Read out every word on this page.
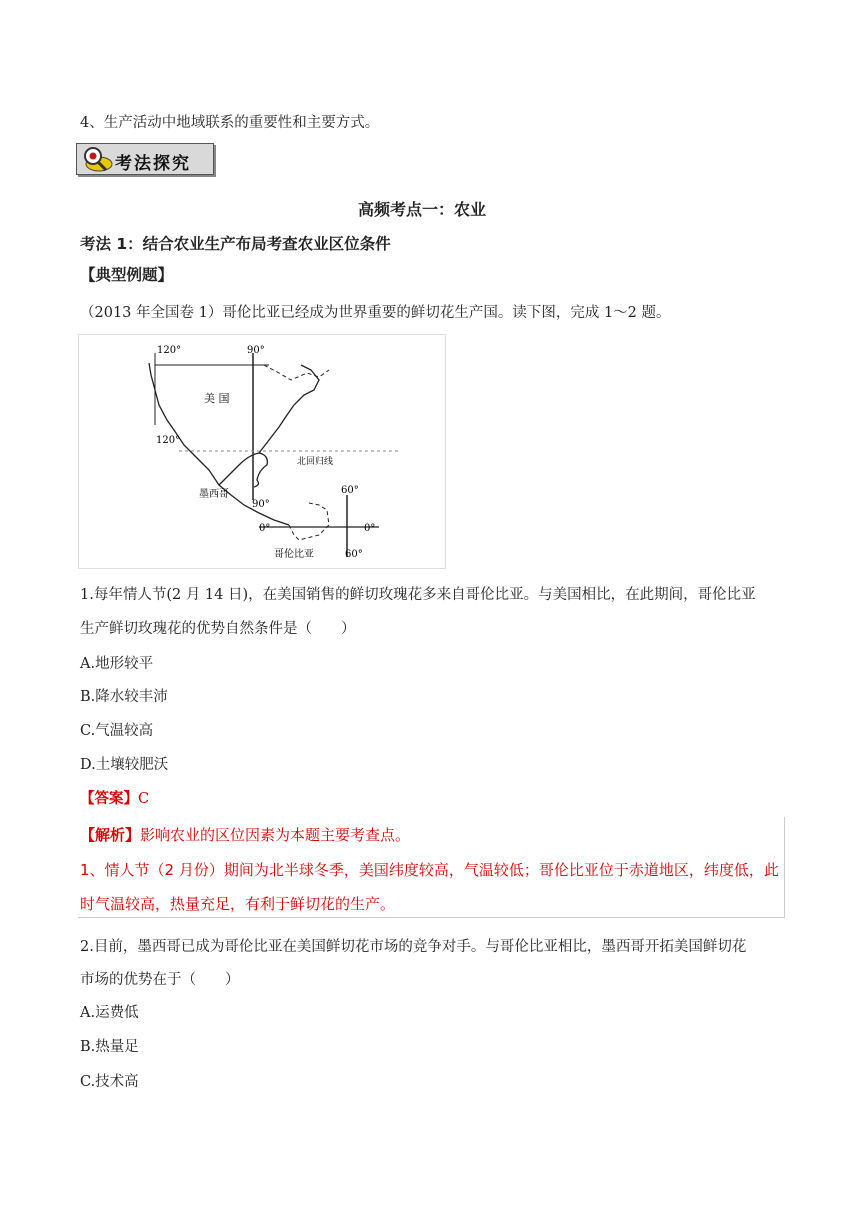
4、生产活动中地域联系的重要性和主要方式。
考法探究
高频考点一：农业
考法 1：结合农业生产布局考查农业区位条件
【典型例题】
（2013 年全国卷 1）哥伦比亚已经成为世界重要的鲜切花生产国。读下图，完成 1～2 题。
120°	90°
美 国
120°
北回归线
墨西哥
90°
60°
0°	0°
哥伦比亚	60°
1.每年情人节(2 月 14 日)，在美国销售的鲜切玫瑰花多来自哥伦比亚。与美国相比，在此期间，哥伦比亚
生产鲜切玫瑰花的优势自然条件是（　　）
A.地形较平
B.降水较丰沛
C.气温较高
D.土壤较肥沃
【答案】C
【解析】影响农业的区位因素为本题主要考查点。
1、情人节（2 月份）期间为北半球冬季，美国纬度较高，气温较低；哥伦比亚位于赤道地区，纬度低，此
时气温较高，热量充足，有利于鲜切花的生产。
2.目前，墨西哥已成为哥伦比亚在美国鲜切花市场的竞争对手。与哥伦比亚相比，墨西哥开拓美国鲜切花
市场的优势在于（　　）
A.运费低
B.热量足
C.技术高
